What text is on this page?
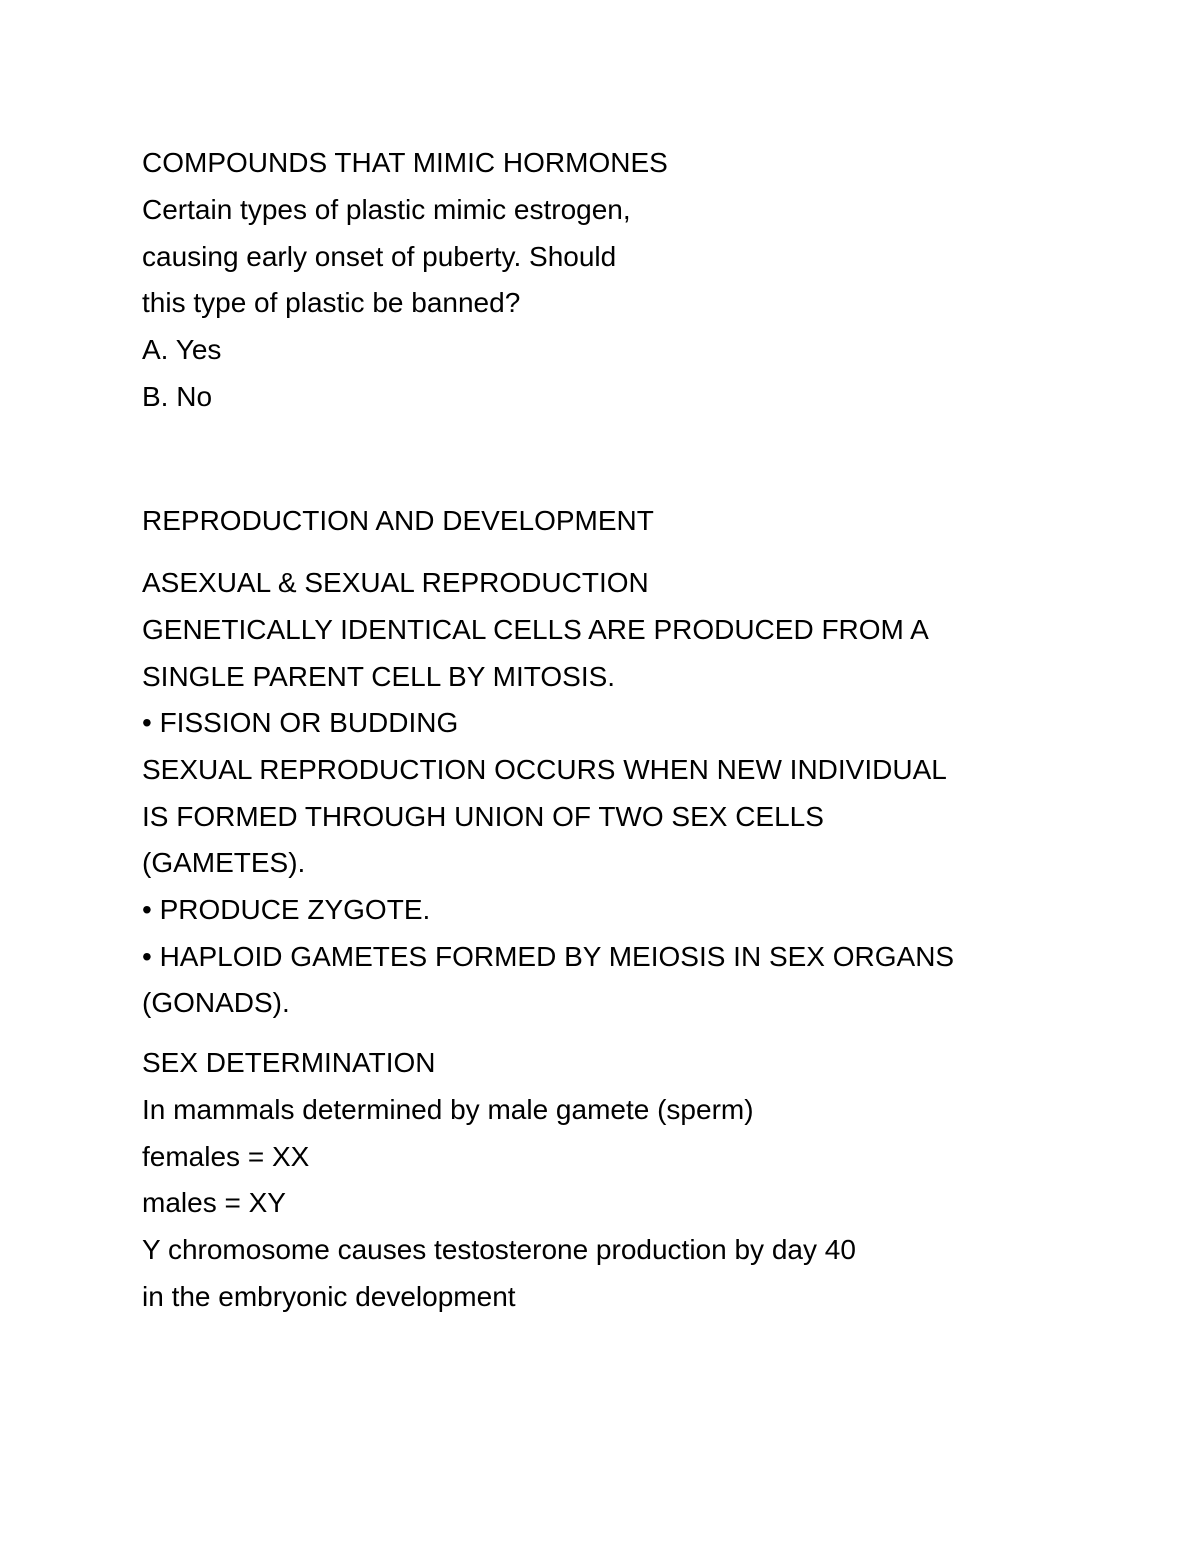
COMPOUNDS THAT MIMIC HORMONES
Certain types of plastic mimic estrogen,
causing early onset of puberty. Should
this type of plastic be banned?
A. Yes
B. No
REPRODUCTION AND DEVELOPMENT
ASEXUAL & SEXUAL REPRODUCTION
GENETICALLY IDENTICAL CELLS ARE PRODUCED FROM A
SINGLE PARENT CELL BY MITOSIS.
• FISSION OR BUDDING
SEXUAL REPRODUCTION OCCURS WHEN NEW INDIVIDUAL
IS FORMED THROUGH UNION OF TWO SEX CELLS
(GAMETES).
• PRODUCE ZYGOTE.
• HAPLOID GAMETES FORMED BY MEIOSIS IN SEX ORGANS
(GONADS).
SEX DETERMINATION
In mammals determined by male gamete (sperm)
females = XX
males = XY
Y chromosome causes testosterone production by day 40
in the embryonic development
